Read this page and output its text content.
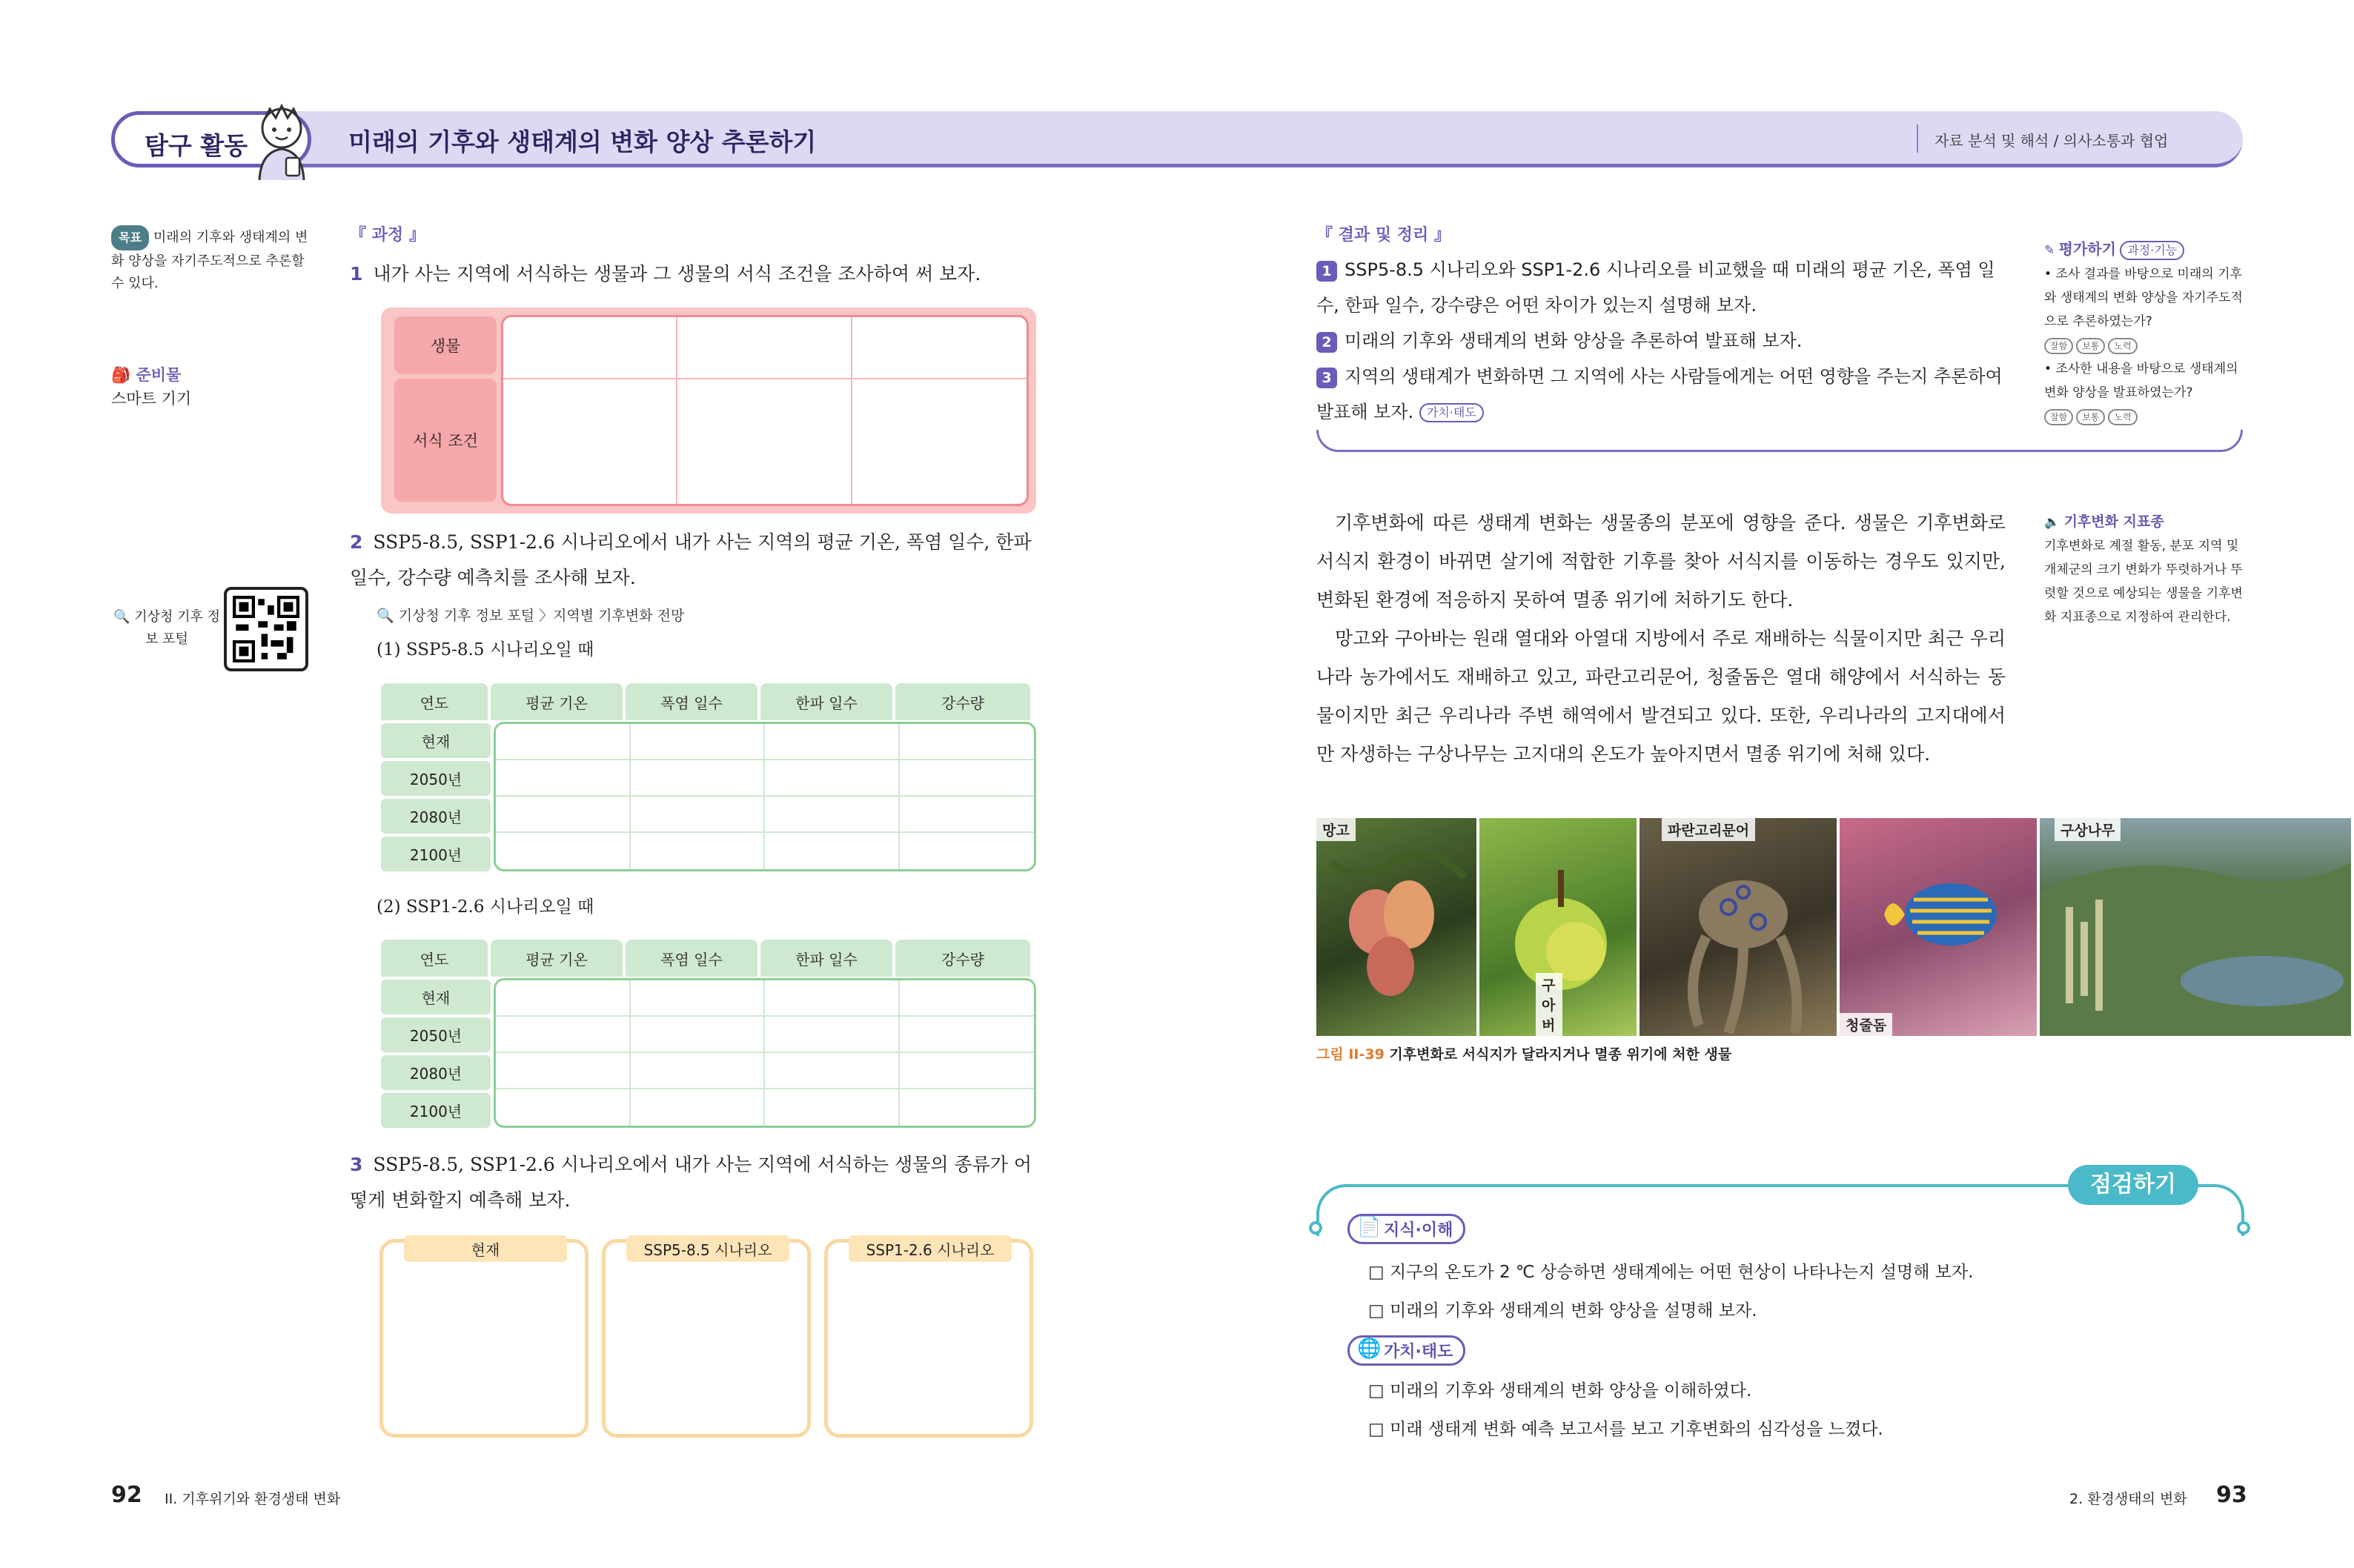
탐구 활동	미래의 기후와 생태계의 변화 양상 추론하기	자료 분석 및 해석 / 의사소통과 협업
목표 미래의 기후와 생태계의 변화 양상을 자기주도적으로 추론할 수 있다.
🎒 준비물
스마트 기기
🔍 기상청 기후 정보 포털
『 과정 』
1 내가 사는 지역에 서식하는 생물과 그 생물의 서식 조건을 조사하여 써 보자.
생물
서식 조건
2 SSP5-8.5, SSP1-2.6 시나리오에서 내가 사는 지역의 평균 기온, 폭염 일수, 한파 일수, 강수량 예측치를 조사해 보자.
🔍 기상청 기후 정보 포털 〉지역별 기후변화 전망
(1) SSP5-8.5 시나리오일 때
연도	평균 기온	폭염 일수	한파 일수	강수량
현재
2050년
2080년
2100년
(2) SSP1-2.6 시나리오일 때
연도	평균 기온	폭염 일수	한파 일수	강수량
현재
2050년
2080년
2100년
3 SSP5-8.5, SSP1-2.6 시나리오에서 내가 사는 지역에 서식하는 생물의 종류가 어떻게 변화할지 예측해 보자.
현재	SSP5-8.5 시나리오	SSP1-2.6 시나리오
『 결과 및 정리 』
1 SSP5-8.5 시나리오와 SSP1-2.6 시나리오를 비교했을 때 미래의 평균 기온, 폭염 일수, 한파 일수, 강수량은 어떤 차이가 있는지 설명해 보자.
2 미래의 기후와 생태계의 변화 양상을 추론하여 발표해 보자.
3 지역의 생태계가 변화하면 그 지역에 사는 사람들에게는 어떤 영향을 주는지 추론하여 발표해 보자. 가치·태도
✎ 평가하기 과정·기능
• 조사 결과를 바탕으로 미래의 기후와 생태계의 변화 양상을 자기주도적으로 추론하였는가?
잘함 보통 노력
• 조사한 내용을 바탕으로 생태계의 변화 양상을 발표하였는가?
잘함 보통 노력

기후변화에 따른 생태계 변화는 생물종의 분포에 영향을 준다. 생물은 기후변화로 서식지 환경이 바뀌면 살기에 적합한 기후를 찾아 서식지를 이동하는 경우도 있지만, 변화된 환경에 적응하지 못하여 멸종 위기에 처하기도 한다.

망고와 구아바는 원래 열대와 아열대 지방에서 주로 재배하는 식물이지만 최근 우리나라 농가에서도 재배하고 있고, 파란고리문어, 청줄돔은 열대 해양에서 서식하는 동물이지만 최근 우리나라 주변 해역에서 발견되고 있다. 또한, 우리나라의 고지대에서만 자생하는 구상나무는 고지대의 온도가 높아지면서 멸종 위기에 처해 있다.

🔈 기후변화 지표종
기후변화로 계절 활동, 분포 지역 및 개체군의 크기 변화가 뚜렷하거나 뚜렷할 것으로 예상되는 생물을 기후변화 지표종으로 지정하여 관리한다.
망고
구아버
파란고리문어
청줄돔
구상나무
그림 II-39 기후변화로 서식지가 달라지거나 멸종 위기에 처한 생물
점검하기
📄 지식·이해
□ 지구의 온도가 2 ℃ 상승하면 생태계에는 어떤 현상이 나타나는지 설명해 보자.
□ 미래의 기후와 생태계의 변화 양상을 설명해 보자.
🌐 가치·태도
□ 미래의 기후와 생태계의 변화 양상을 이해하였다.
□ 미래 생태계 변화 예측 보고서를 보고 기후변화의 심각성을 느꼈다.
92 II. 기후위기와 환경생태 변화	2. 환경생태의 변화 93
